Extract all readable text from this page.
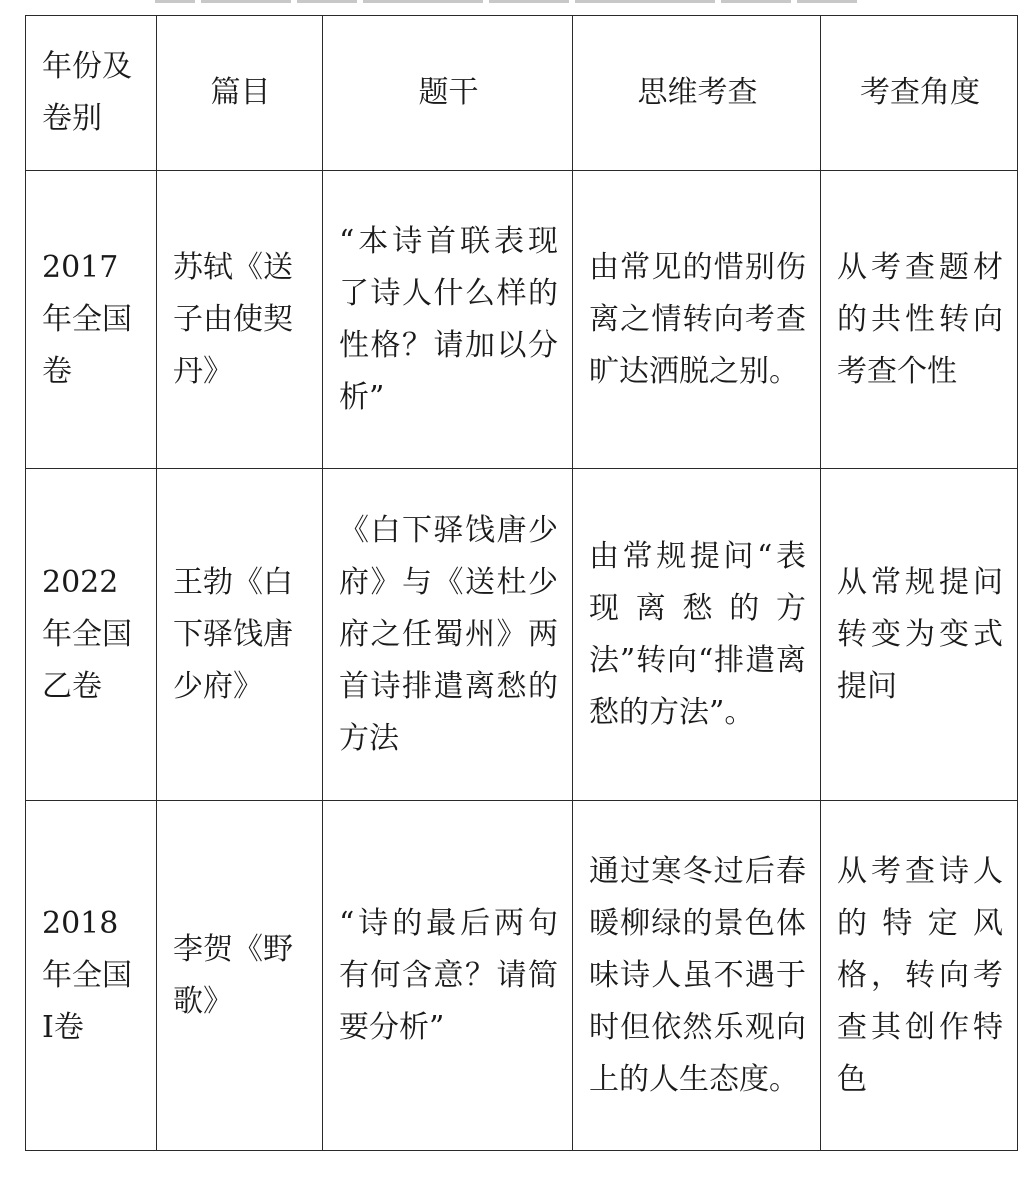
年份及卷别	篇目	题干	思维考查	考查角度
2017年全国卷	苏轼《送子由使契丹》	“本诗首联表现了诗人什么样的性格？请加以分析”	由常见的惜别伤离之情转向考查旷达洒脱之别。	从考查题材的共性转向考查个性
2022年全国乙卷	王勃《白下驿饯唐少府》	《白下驿饯唐少府》与《送杜少府之任蜀州》两首诗排遣离愁的方法	由常规提问“表现离愁的方法”转向“排遣离愁的方法”。	从常规提问转变为变式提问
2018年全国Ⅰ卷	李贺《野歌》	“诗的最后两句有何含意？请简要分析”	通过寒冬过后春暖柳绿的景色体味诗人虽不遇于时但依然乐观向上的人生态度。	从考查诗人的特定风格，转向考查其创作特色
